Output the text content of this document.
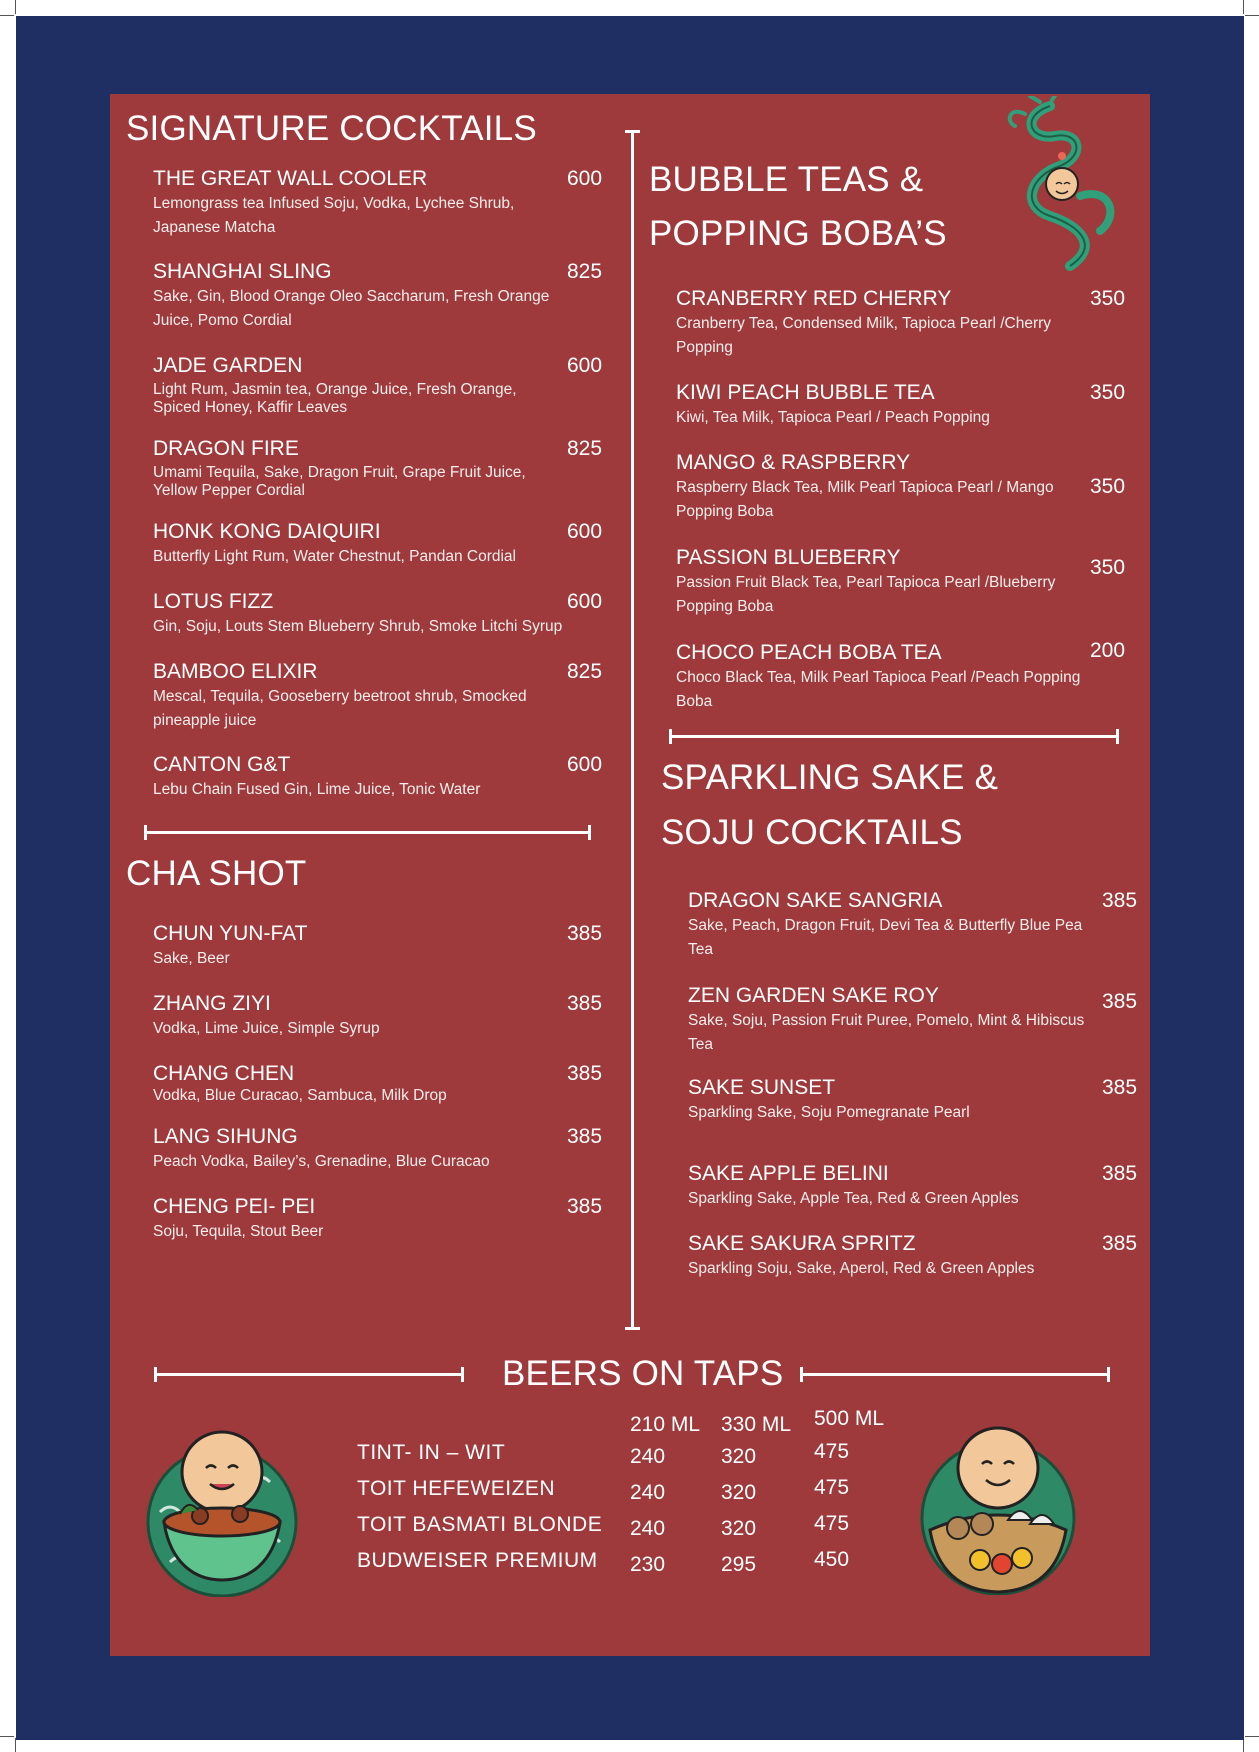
SIGNATURE COCKTAILS
THE GREAT WALL COOLER
Lemongrass tea Infused Soju, Vodka, Lychee Shrub, Japanese Matcha
600
SHANGHAI SLING
Sake, Gin, Blood Orange Oleo Saccharum, Fresh Orange Juice, Pomo Cordial
825
JADE GARDEN
Light Rum, Jasmin tea, Orange Juice, Fresh Orange, Spiced Honey, Kaffir Leaves
600
DRAGON FIRE
Umami Tequila, Sake, Dragon Fruit, Grape Fruit Juice, Yellow Pepper Cordial
825
HONK KONG DAIQUIRI
Butterfly Light Rum, Water Chestnut, Pandan Cordial
600
LOTUS FIZZ
Gin, Soju, Louts Stem Blueberry Shrub, Smoke Litchi Syrup
600
BAMBOO ELIXIR
Mescal, Tequila, Gooseberry beetroot shrub, Smocked pineapple juice
825
CANTON G&T
Lebu Chain Fused Gin, Lime Juice, Tonic Water
600
CHA SHOT
CHUN YUN-FAT
Sake, Beer
385
ZHANG ZIYI
Vodka, Lime Juice, Simple Syrup
385
CHANG CHEN
Vodka, Blue Curacao, Sambuca, Milk Drop
385
LANG SIHUNG
Peach Vodka, Bailey’s, Grenadine, Blue Curacao
385
CHENG PEI- PEI
Soju, Tequila, Stout Beer
385
BUBBLE TEAS &
POPPING BOBA’S
CRANBERRY RED CHERRY
Cranberry Tea, Condensed Milk, Tapioca Pearl /Cherry Popping
350
KIWI PEACH BUBBLE TEA
Kiwi, Tea Milk, Tapioca Pearl / Peach Popping
350
MANGO & RASPBERRY
Raspberry Black Tea, Milk Pearl Tapioca Pearl / Mango Popping Boba
350
PASSION BLUEBERRY
Passion Fruit Black Tea, Pearl Tapioca Pearl /Blueberry Popping Boba
350
CHOCO PEACH BOBA TEA
Choco Black Tea, Milk Pearl Tapioca Pearl /Peach Popping Boba
200
SPARKLING SAKE &
SOJU COCKTAILS
DRAGON SAKE SANGRIA
Sake, Peach, Dragon Fruit, Devi Tea & Butterfly Blue Pea Tea
385
ZEN GARDEN SAKE ROY
Sake, Soju, Passion Fruit Puree, Pomelo, Mint & Hibiscus Tea
385
SAKE SUNSET
Sparkling Sake, Soju Pomegranate Pearl
385
SAKE APPLE BELINI
Sparkling Sake, Apple Tea, Red & Green Apples
385
SAKE SAKURA SPRITZ
Sparkling Soju, Sake, Aperol, Red & Green Apples
385
BEERS ON TAPS
210 ML 330 ML 500 ML
TINT- IN – WIT	240	320	475
TOIT HEFEWEIZEN	240	320	475
TOIT BASMATI BLONDE 240	320	475
BUDWEISER PREMIUM 230	295	450
